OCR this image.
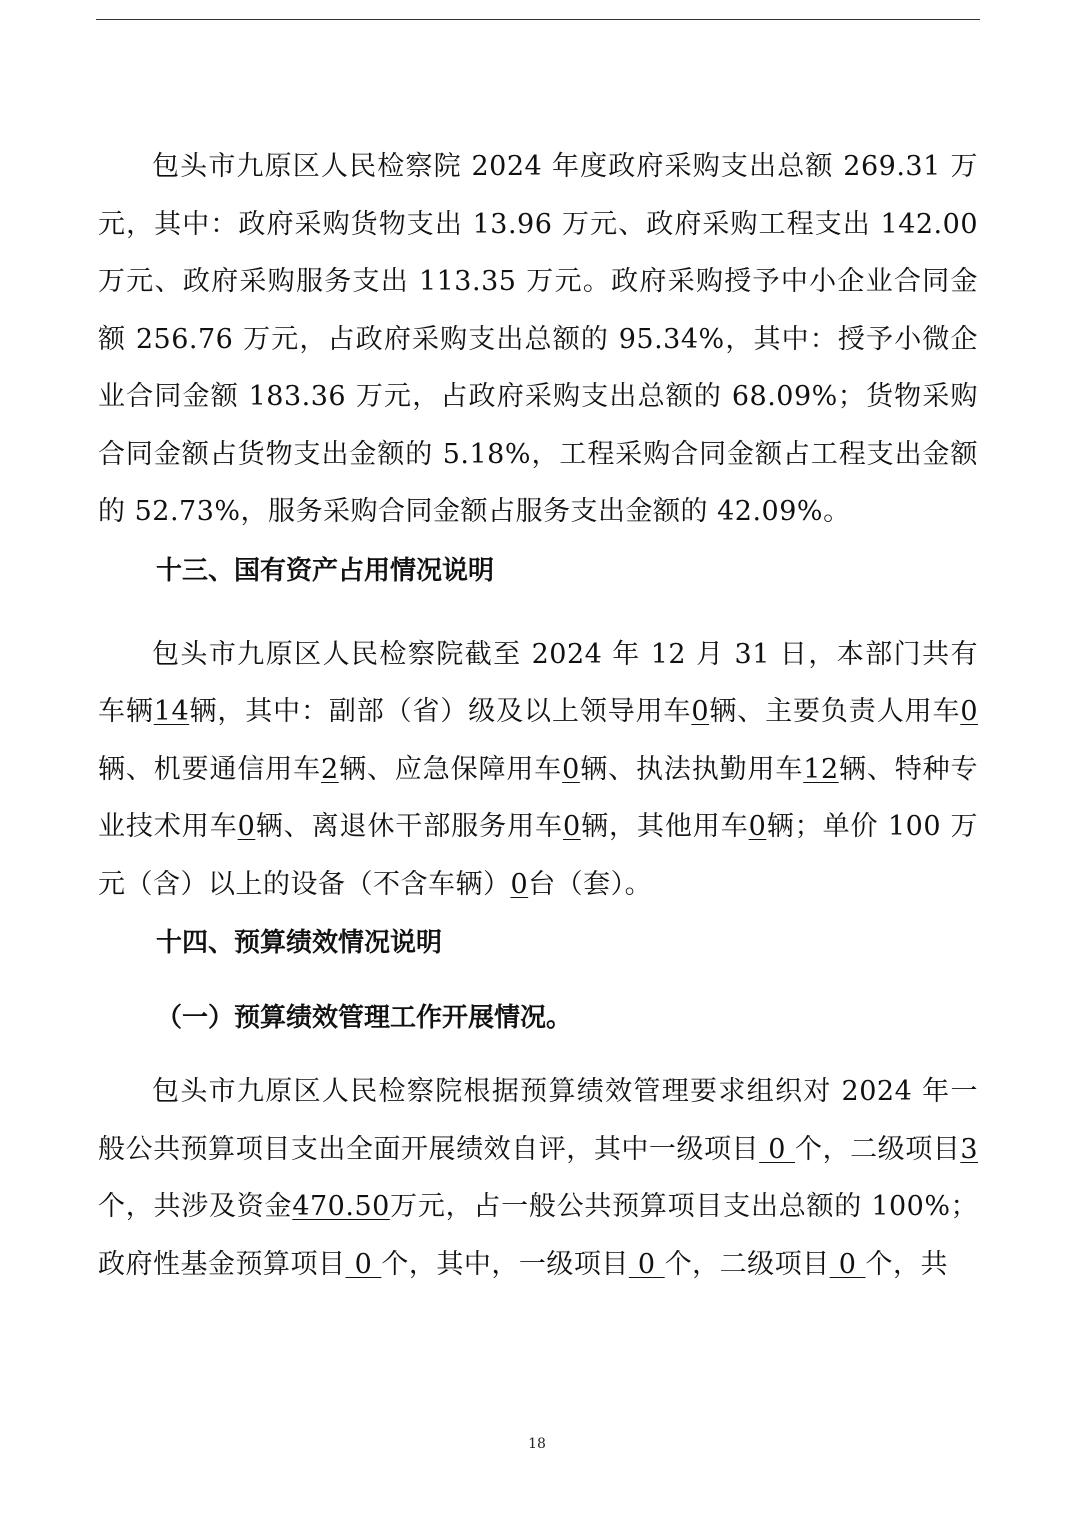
包头市九原区人民检察院 2024 年度政府采购支出总额 269.31 万元，其中：政府采购货物支出 13.96 万元、政府采购工程支出 142.00 万元、政府采购服务支出 113.35 万元。政府采购授予中小企业合同金额 256.76 万元，占政府采购支出总额的 95.34%，其中：授予小微企业合同金额 183.36 万元，占政府采购支出总额的 68.09%；货物采购合同金额占货物支出金额的 5.18%，工程采购合同金额占工程支出金额的 52.73%，服务采购合同金额占服务支出金额的 42.09%。

十三、国有资产占用情况说明

包头市九原区人民检察院截至 2024 年 12 月 31 日，本部门共有车辆14辆，其中：副部（省）级及以上领导用车0辆、主要负责人用车0辆、机要通信用车2辆、应急保障用车0辆、执法执勤用车12辆、特种专业技术用车0辆、离退休干部服务用车0辆，其他用车0辆；单价 100 万元（含）以上的设备（不含车辆）0台（套）。

十四、预算绩效情况说明
（一）预算绩效管理工作开展情况。

包头市九原区人民检察院根据预算绩效管理要求组织对 2024 年一般公共预算项目支出全面开展绩效自评，其中一级项目 0 个，二级项目3个，共涉及资金470.50万元，占一般公共预算项目支出总额的 100%；政府性基金预算项目 0 个，其中，一级项目 0 个，二级项目 0 个，共

18
